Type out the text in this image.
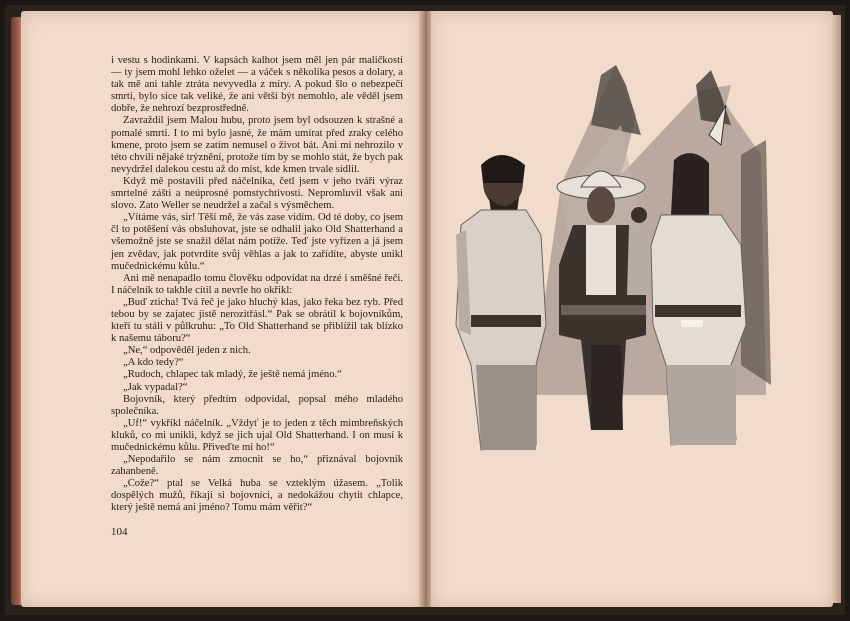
i vestu s hodinkami. V kapsách kalhot jsem měl jen pár maličkostí — ty jsem mohl lehko oželet — a váček s několika pesos a dolary, a tak mě ani tahle ztráta nevyvedla z míry. A pokud šlo o nebezpečí smrti, bylo sice tak veliké, že ani větší být nemohlo, ale věděl jsem dobře, že nehrozí bezprostředně.

Zavraždil jsem Malou hubu, proto jsem byl odsouzen k strašné a pomalé smrti. I to mi bylo jasné, že mám umírat před zraky celého kmene, proto jsem se zatím nemusel o život bát. Ani mi nehrozilo v této chvíli nějaké trýznění, protože tím by se mohlo stát, že bych pak nevydržel dalekou cestu až do míst, kde kmen trvale sídlil.

Když mě postavili před náčelníka, četl jsem v jeho tváři výraz smrtelné zášti a neúprosné pomstychtivosti. Nepromluvil však ani slovo. Zato Weller se neudržel a začal s výsměchem.

„Vítáme vás, sir! Těší mě, že vás zase vidím. Od té doby, co jsem čl to potěšení vás obsluhovat, jste se odhalil jako Old Shatterhand a všemožně jste se snažil dělat nám potíže. Teď jste vyřízen a já jsem jen zvědav, jak potvrdíte svůj věhlas a jak to zařídíte, abyste unikl mučednickému kůlu.“

Ani mě nenapadlo tomu člověku odpovídat na drzé i směšné řeči. I náčelník to takhle cítil a nevrle ho okřikl:

„Buď zticha! Tvá řeč je jako hluchý klas, jako řeka bez ryb. Před tebou by se zajatec jistě nerozitřásl.“ Pak se obrátil k bojovníkům, kteří tu stáli v půlkruhu: „To Old Shatterhand se přiblížil tak blízko k našemu táboru?“

„Ne,“ odpověděl jeden z nich.

„A kdo tedy?“

„Rudoch, chlapec tak mladý, že ještě nemá jméno.“

„Jak vypadal?“

Bojovník, který předtím odpovídal, popsal mého mladého společníka.

„Uf!“ vykřikl náčelník. „Vždyť je to jeden z těch mimbreňských kluků, co mi unikli, když se jich ujal Old Shatterhand. I on musí k mučednickému kůlu. Přiveďte mi ho!“

„Nepodařilo se nám zmocnit se ho,“ přiznával bojovník zahanbeně.

„Cože?“ ptal se Velká huba se vzteklým úžasem. „Tolik dospělých mužů, říkají si bojovníci, a nedokážou chytit chlapce, který ještě nemá ani jméno? Tomu mám věřit?“

104
